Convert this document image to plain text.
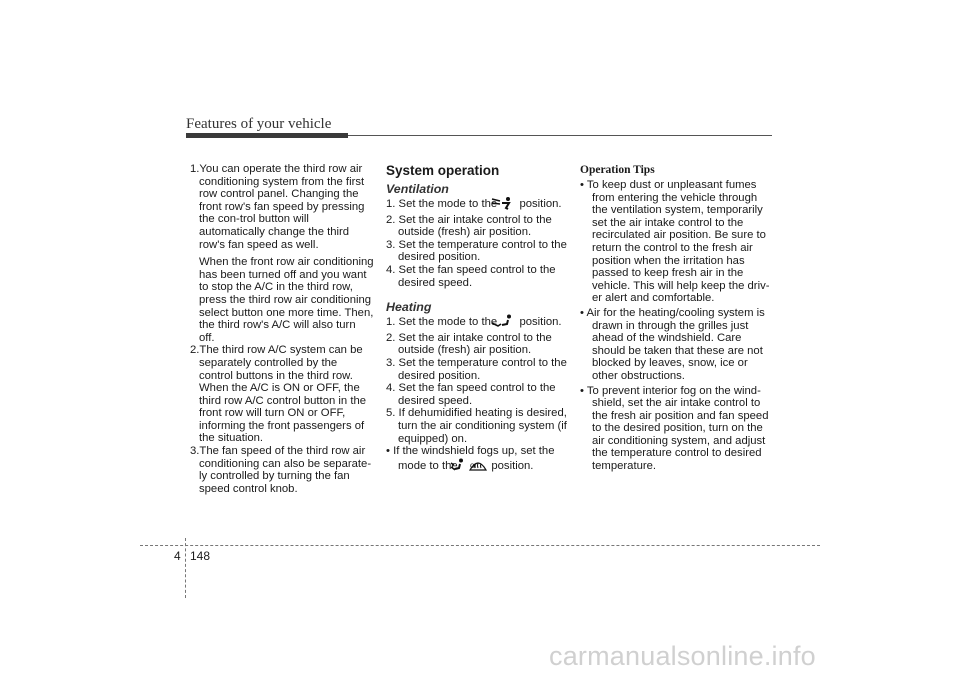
Features of your vehicle
1.You can operate the third row air conditioning system from the first row control panel. Changing the front row's fan speed by pressing the con-trol button will automatically change the third row's fan speed as well.
When the front row air conditioning has been turned off and you want to stop the A/C in the third row, press the third row air conditioning select button one more time. Then, the third row's A/C will also turn off.
2.The third row A/C system can be separately controlled by the control buttons in the third row. When the A/C is ON or OFF, the third row A/C control button in the front row will turn ON or OFF, informing the front passengers of the situation.
3.The fan speed of the third row air conditioning can also be separate-ly controlled by turning the fan speed control knob.
System operation
Ventilation
1. Set the mode to the position.
2. Set the air intake control to the outside (fresh) air position.
3. Set the temperature control to the desired position.
4. Set the fan speed control to the desired speed.
Heating
1. Set the mode to the position.
2. Set the air intake control to the outside (fresh) air position.
3. Set the temperature control to the desired position.
4. Set the fan speed control to the desired speed.
5. If dehumidified heating is desired, turn the air conditioning system (if equipped) on.
• If the windshield fogs up, set the mode to the or position.
Operation Tips
• To keep dust or unpleasant fumes from entering the vehicle through the ventilation system, temporarily set the air intake control to the recirculated air position. Be sure to return the control to the fresh air position when the irritation has passed to keep fresh air in the vehicle. This will help keep the driv-er alert and comfortable.
• Air for the heating/cooling system is drawn in through the grilles just ahead of the windshield. Care should be taken that these are not blocked by leaves, snow, ice or other obstructions.
• To prevent interior fog on the wind-shield, set the air intake control to the fresh air position and fan speed to the desired position, turn on the air conditioning system, and adjust the temperature control to desired temperature.
4 148
carmanualsonline.info
